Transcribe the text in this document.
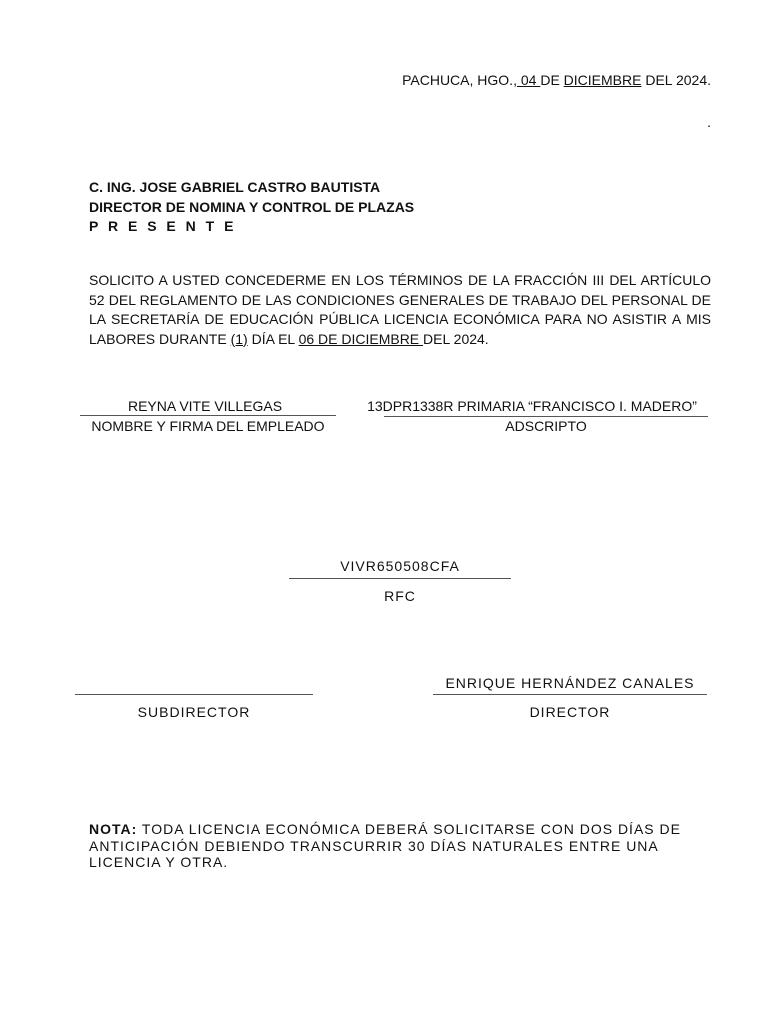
PACHUCA, HGO., 04 DE DICIEMBRE DEL 2024.
.
C. ING. JOSE GABRIEL CASTRO BAUTISTA
DIRECTOR DE NOMINA Y CONTROL DE PLAZAS
P R E S E N T E
SOLICITO A USTED CONCEDERME EN LOS TÉRMINOS DE LA FRACCIÓN III DEL ARTÍCULO 52 DEL REGLAMENTO DE LAS CONDICIONES GENERALES DE TRABAJO DEL PERSONAL DE LA SECRETARÍA DE EDUCACIÓN PÚBLICA LICENCIA ECONÓMICA PARA NO ASISTIR A MIS LABORES DURANTE (1) DÍA EL 06 DE DICIEMBRE DEL 2024.
REYNA VITE VILLEGAS
NOMBRE Y FIRMA DEL EMPLEADO
13DPR1338R PRIMARIA “FRANCISCO I. MADERO”
ADSCRIPTO
VIVR650508CFA
RFC
SUBDIRECTOR
ENRIQUE HERNÁNDEZ CANALES
DIRECTOR
NOTA: TODA LICENCIA ECONÓMICA DEBERÁ SOLICITARSE CON DOS DÍAS DE ANTICIPACIÓN DEBIENDO TRANSCURRIR 30 DÍAS NATURALES ENTRE UNA LICENCIA Y OTRA.
